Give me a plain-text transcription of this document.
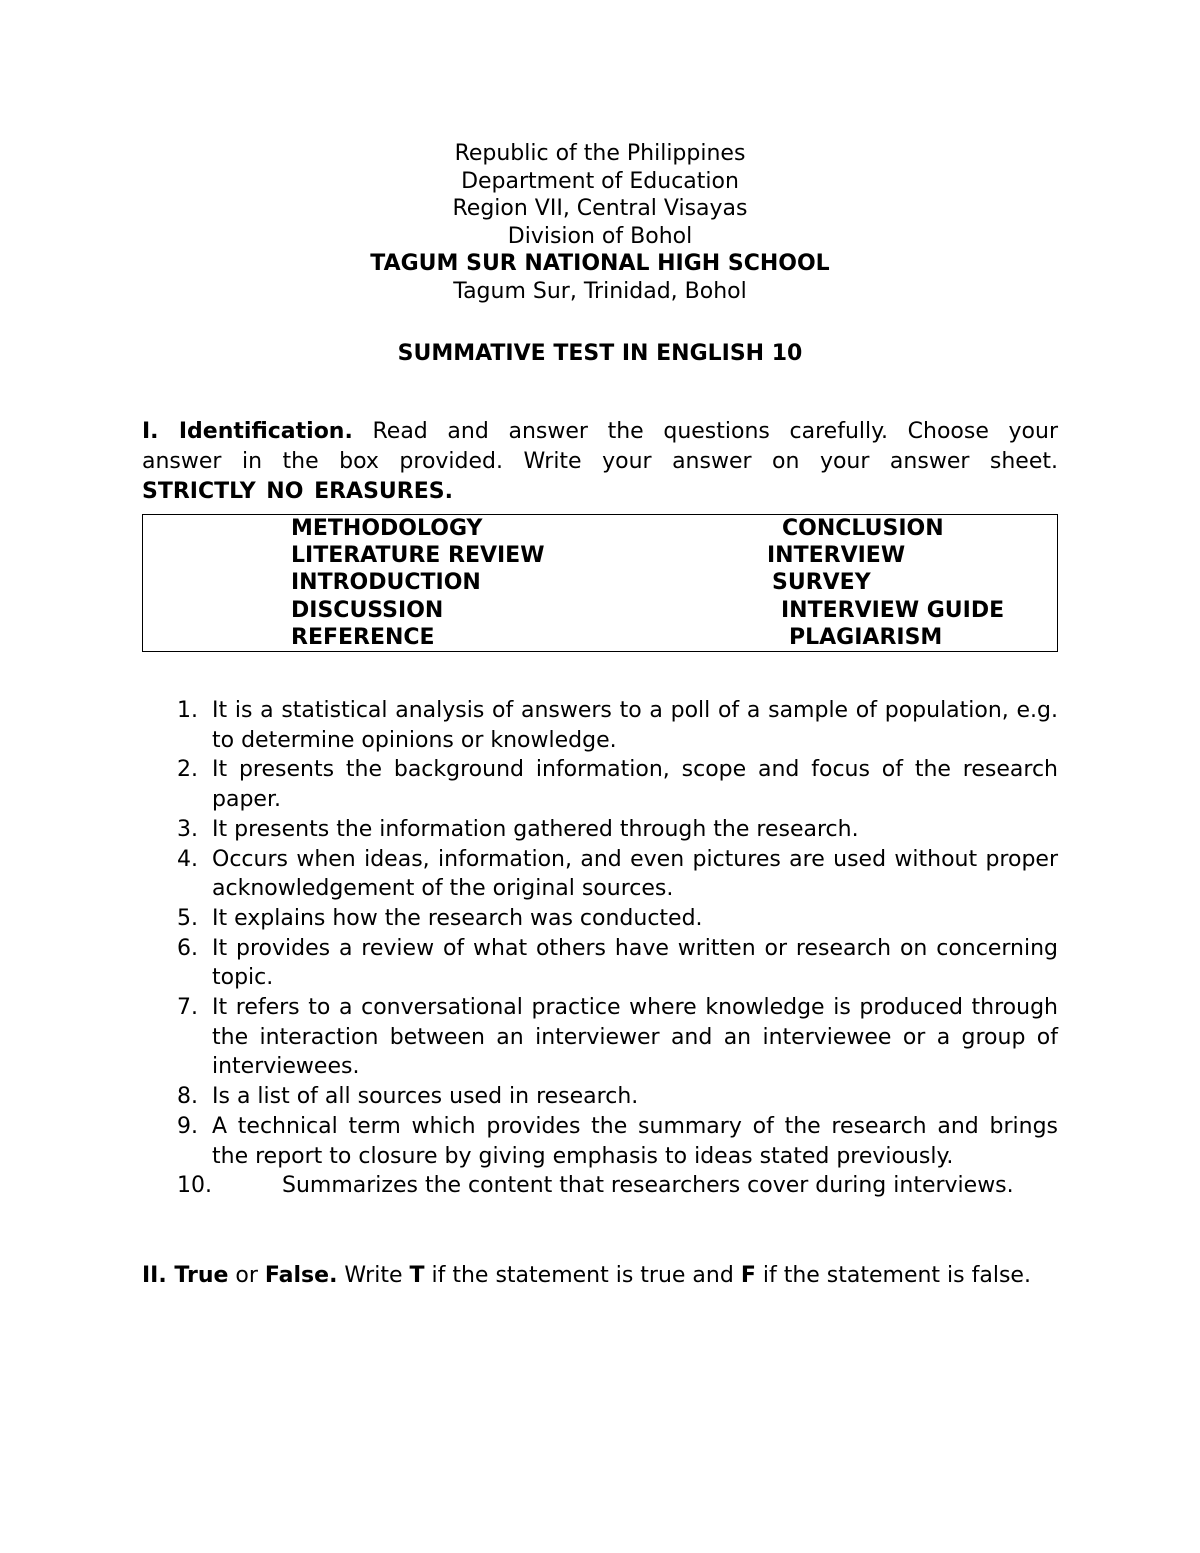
Republic of the Philippines
Department of Education
Region VII, Central Visayas
Division of Bohol
TAGUM SUR NATIONAL HIGH SCHOOL
Tagum Sur, Trinidad, Bohol
SUMMATIVE TEST IN ENGLISH 10
I. Identification. Read and answer the questions carefully. Choose your answer in the box provided. Write your answer on your answer sheet. STRICTLY NO ERASURES.
METHODOLOGY
LITERATURE REVIEW
INTRODUCTION
DISCUSSION
REFERENCE
CONCLUSION
INTERVIEW
SURVEY
INTERVIEW GUIDE
PLAGIARISM
1. It is a statistical analysis of answers to a poll of a sample of population, e.g. to determine opinions or knowledge.
2. It presents the background information, scope and focus of the research paper.
3. It presents the information gathered through the research.
4. Occurs when ideas, information, and even pictures are used without proper acknowledgement of the original sources.
5. It explains how the research was conducted.
6. It provides a review of what others have written or research on concerning topic.
7. It refers to a conversational practice where knowledge is produced through the interaction between an interviewer and an interviewee or a group of interviewees.
8. Is a list of all sources used in research.
9. A technical term which provides the summary of the research and brings the report to closure by giving emphasis to ideas stated previously.
10.	Summarizes the content that researchers cover during interviews.
II. True or False. Write T if the statement is true and F if the statement is false.
